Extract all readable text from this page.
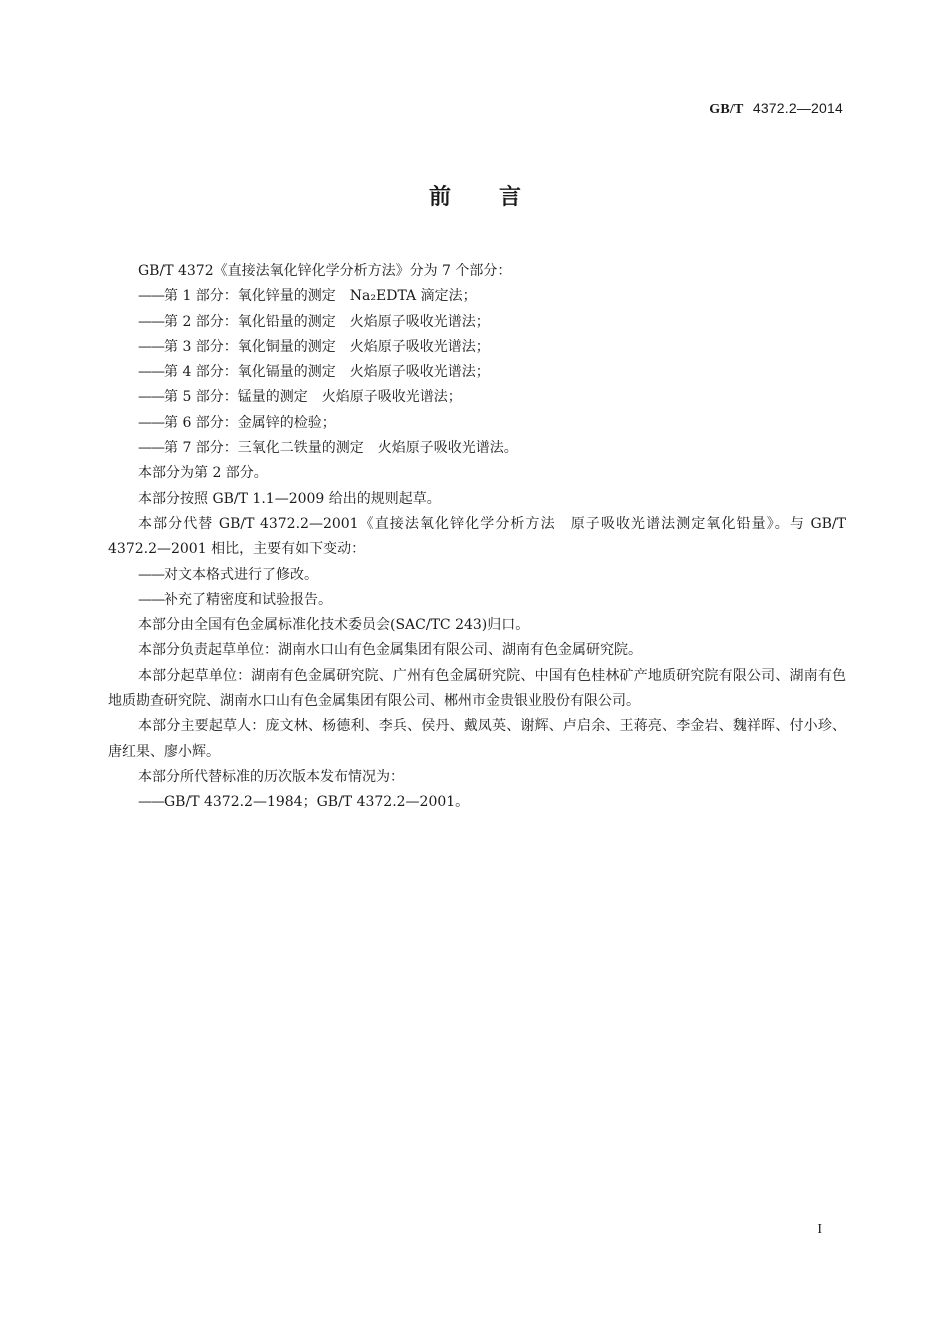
GB/T 4372.2—2014
前言

GB/T 4372《直接法氧化锌化学分析方法》分为 7 个部分：

——第 1 部分：氧化锌量的测定　Na₂EDTA 滴定法；

——第 2 部分：氧化铅量的测定　火焰原子吸收光谱法；

——第 3 部分：氧化铜量的测定　火焰原子吸收光谱法；

——第 4 部分：氧化镉量的测定　火焰原子吸收光谱法；

——第 5 部分：锰量的测定　火焰原子吸收光谱法；

——第 6 部分：金属锌的检验；

——第 7 部分：三氧化二铁量的测定　火焰原子吸收光谱法。

本部分为第 2 部分。

本部分按照 GB/T 1.1—2009 给出的规则起草。

本部分代替 GB/T 4372.2—2001《直接法氧化锌化学分析方法　原子吸收光谱法测定氧化铅量》。与 GB/T 4372.2—2001 相比，主要有如下变动：

——对文本格式进行了修改。

——补充了精密度和试验报告。

本部分由全国有色金属标准化技术委员会(SAC/TC 243)归口。

本部分负责起草单位：湖南水口山有色金属集团有限公司、湖南有色金属研究院。

本部分起草单位：湖南有色金属研究院、广州有色金属研究院、中国有色桂林矿产地质研究院有限公司、湖南有色地质勘查研究院、湖南水口山有色金属集团有限公司、郴州市金贵银业股份有限公司。

本部分主要起草人：庞文林、杨德利、李兵、侯丹、戴凤英、谢辉、卢启余、王蒋亮、李金岩、魏祥晖、付小珍、唐红果、廖小辉。

本部分所代替标准的历次版本发布情况为：

——GB/T 4372.2—1984；GB/T 4372.2—2001。

I
